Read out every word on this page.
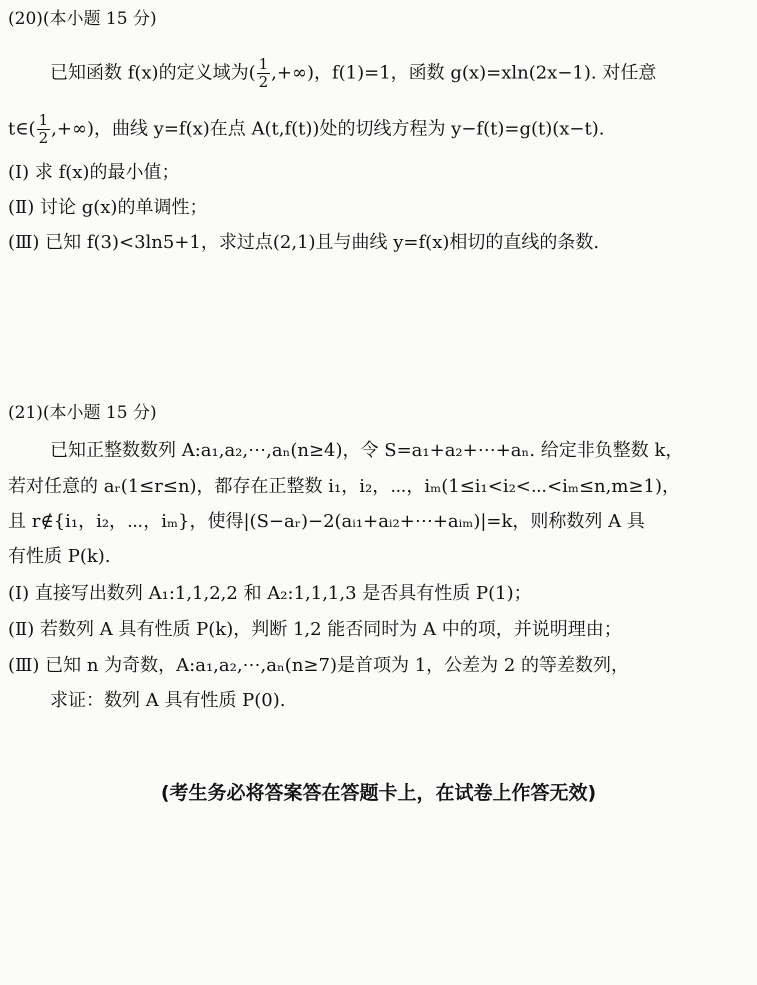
(20)(本小题 15 分)
已知函数 f(x)的定义域为( $\frac{1}{2}$ ,+∞)，f(1)=1，函数 g(x)=xln(2x−1). 对任意
t∈( $\frac{1}{2}$ ,+∞)，曲线 y=f(x)在点 A(t,f(t))处的切线方程为 y−f(t)=g(t)(x−t).
(Ⅰ) 求 f(x)的最小值；
(Ⅱ) 讨论 g(x)的单调性；
(Ⅲ) 已知 f(3)<3ln5+1，求过点(2,1)且与曲线 y=f(x)相切的直线的条数.
(21)(本小题 15 分)
已知正整数数列 A:a₁,a₂,⋯,aₙ(n≥4)，令 S=a₁+a₂+⋯+aₙ. 给定非负整数 k，
若对任意的 aᵣ(1≤r≤n)，都存在正整数 i₁，i₂，⋯，iₘ(1≤i₁<i₂<⋯<iₘ≤n,m≥1)，
且 r∉{i₁，i₂，⋯，iₘ}，使得|(S−aᵣ)−2(aᵢ₁+aᵢ₂+⋯+aᵢₘ)|=k，则称数列 A 具
有性质 P(k).
(Ⅰ) 直接写出数列 A₁:1,1,2,2 和 A₂:1,1,1,3 是否具有性质 P(1)；
(Ⅱ) 若数列 A 具有性质 P(k)，判断 1,2 能否同时为 A 中的项，并说明理由；
(Ⅲ) 已知 n 为奇数，A:a₁,a₂,⋯,aₙ(n≥7)是首项为 1，公差为 2 的等差数列，
求证：数列 A 具有性质 P(0).
(考生务必将答案答在答题卡上，在试卷上作答无效)
